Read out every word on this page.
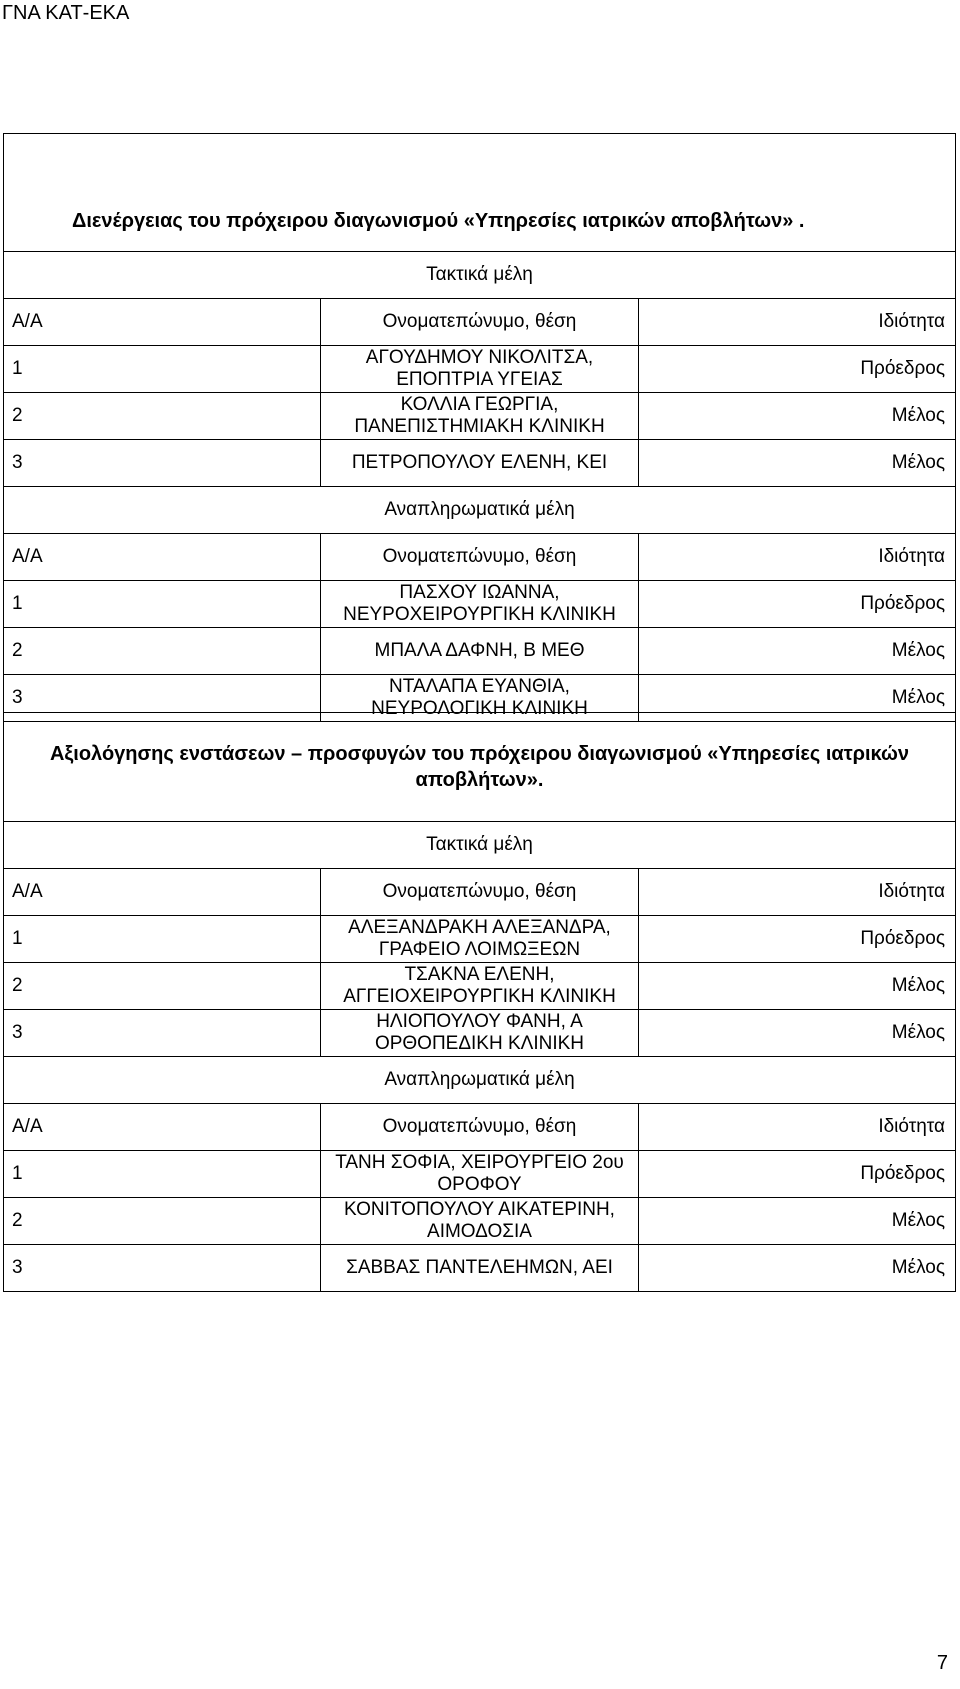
ΓΝΑ ΚΑΤ-ΕΚΑ
Διενέργειας του πρόχειρου διαγωνισμού «Υπηρεσίες ιατρικών αποβλήτων» .		
Τακτικά μέλη		
Α/Α	Ονοματεπώνυμο, θέση	Ιδιότητα
1	ΑΓΟΥΔΗΜΟΥ ΝΙΚΟΛΙΤΣΑ, ΕΠΟΠΤΡΙΑ ΥΓΕΙΑΣ	Πρόεδρος
2	ΚΟΛΛΙΑ ΓΕΩΡΓΙΑ, ΠΑΝΕΠΙΣΤΗΜΙΑΚΗ ΚΛΙΝΙΚΗ	Μέλος
3	ΠΕΤΡΟΠΟΥΛΟΥ ΕΛΕΝΗ, ΚΕΙ	Μέλος
Αναπληρωματικά μέλη		
Α/Α	Ονοματεπώνυμο, θέση	Ιδιότητα
1	ΠΑΣΧΟΥ ΙΩΑΝΝΑ, ΝΕΥΡΟΧΕΙΡΟΥΡΓΙΚΗ ΚΛΙΝΙΚΗ	Πρόεδρος
2	ΜΠΑΛΑ ΔΑΦΝΗ, Β ΜΕΘ	Μέλος
3	ΝΤΑΛΑΠΑ ΕΥΑΝΘΙΑ, ΝΕΥΡΟΛΟΓΙΚΗ ΚΛΙΝΙΚΗ	Μέλος
Αξιολόγησης ενστάσεων – προσφυγών του πρόχειρου διαγωνισμού «Υπηρεσίες ιατρικών αποβλήτων».		
Τακτικά μέλη		
Α/Α	Ονοματεπώνυμο, θέση	Ιδιότητα
1	ΑΛΕΞΑΝΔΡΑΚΗ ΑΛΕΞΑΝΔΡΑ, ΓΡΑΦΕΙΟ ΛΟΙΜΩΞΕΩΝ	Πρόεδρος
2	ΤΣΑΚΝΑ ΕΛΕΝΗ, ΑΓΓΕΙΟΧΕΙΡΟΥΡΓΙΚΗ ΚΛΙΝΙΚΗ	Μέλος
3	ΗΛΙΟΠΟΥΛΟΥ ΦΑΝΗ, Α ΟΡΘΟΠΕΔΙΚΗ ΚΛΙΝΙΚΗ	Μέλος
Αναπληρωματικά μέλη		
Α/Α	Ονοματεπώνυμο, θέση	Ιδιότητα
1	ΤΑΝΗ ΣΟΦΙΑ, ΧΕΙΡΟΥΡΓΕΙΟ 2ου ΟΡΟΦΟΥ	Πρόεδρος
2	ΚΟΝΙΤΟΠΟΥΛΟΥ ΑΙΚΑΤΕΡΙΝΗ, ΑΙΜΟΔΟΣΙΑ	Μέλος
3	ΣΑΒΒΑΣ ΠΑΝΤΕΛΕΗΜΩΝ, ΑΕΙ	Μέλος
7
